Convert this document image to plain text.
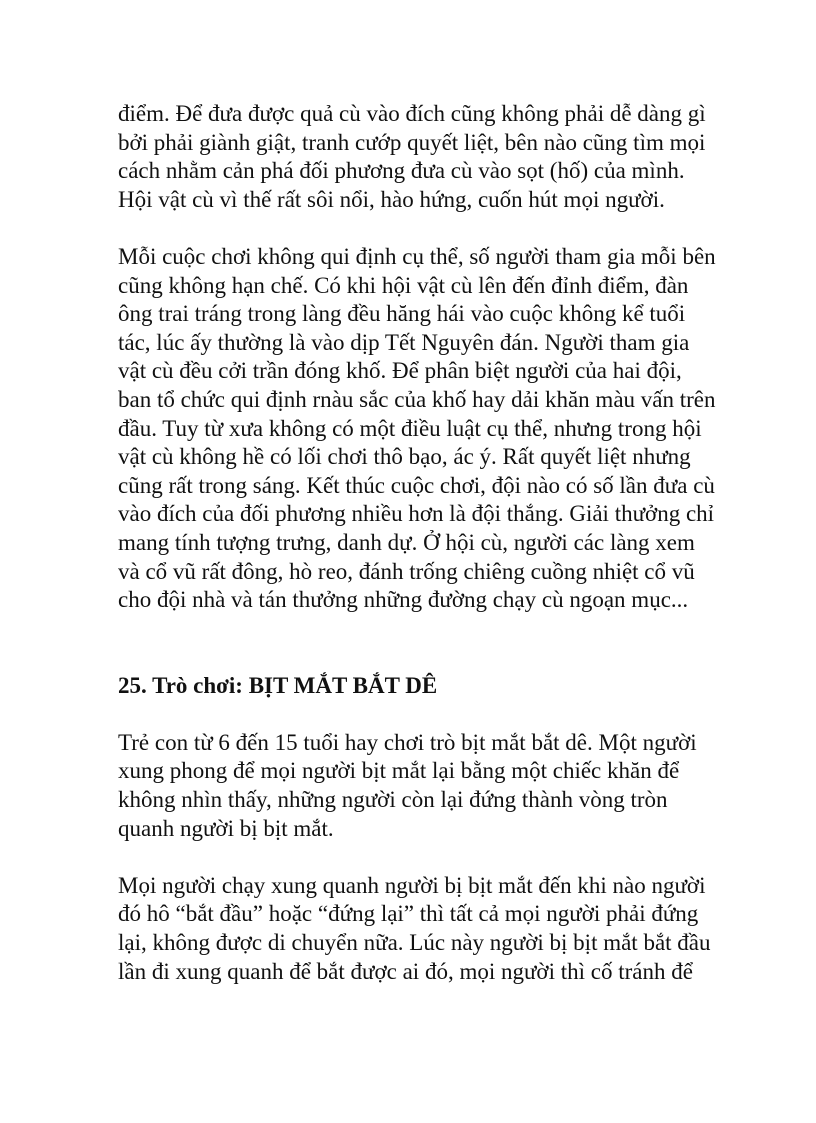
điểm. Để đưa được quả cù vào đích cũng không phải dễ dàng gì
bởi phải giành giật, tranh cướp quyết liệt, bên nào cũng tìm mọi
cách nhằm cản phá đối phương đưa cù vào sọt (hố) của mình.
Hội vật cù vì thế rất sôi nổi, hào hứng, cuốn hút mọi người.
Mỗi cuộc chơi không qui định cụ thể, số người tham gia mỗi bên
cũng không hạn chế. Có khi hội vật cù lên đến đỉnh điểm, đàn
ông trai tráng trong làng đều hăng hái vào cuộc không kể tuổi
tác, lúc ấy thường là vào dịp Tết Nguyên đán. Người tham gia
vật cù đều cởi trần đóng khố. Để phân biệt người của hai đội,
ban tổ chức qui định rnàu sắc của khố hay dải khăn màu vấn trên
đầu. Tuy từ xưa không có một điều luật cụ thể, nhưng trong hội
vật cù không hề có lối chơi thô bạo, ác ý. Rất quyết liệt nhưng
cũng rất trong sáng. Kết thúc cuộc chơi, đội nào có số lần đưa cù
vào đích của đối phương nhiều hơn là đội thắng. Giải thưởng chỉ
mang tính tượng trưng, danh dự. Ở hội cù, người các làng xem
và cổ vũ rất đông, hò reo, đánh trống chiêng cuồng nhiệt cổ vũ
cho đội nhà và tán thưởng những đường chạy cù ngoạn mục...
25. Trò chơi: BỊT MẮT BẮT DÊ
Trẻ con từ 6 đến 15 tuổi hay chơi trò bịt mắt bắt dê. Một người
xung phong để mọi người bịt mắt lại bằng một chiếc khăn để
không nhìn thấy, những người còn lại đứng thành vòng tròn
quanh người bị bịt mắt.
Mọi người chạy xung quanh người bị bịt mắt đến khi nào người
đó hô “bắt đầu” hoặc “đứng lại” thì tất cả mọi người phải đứng
lại, không được di chuyển nữa. Lúc này người bị bịt mắt bắt đầu
lần đi xung quanh để bắt được ai đó, mọi người thì cố tránh để
